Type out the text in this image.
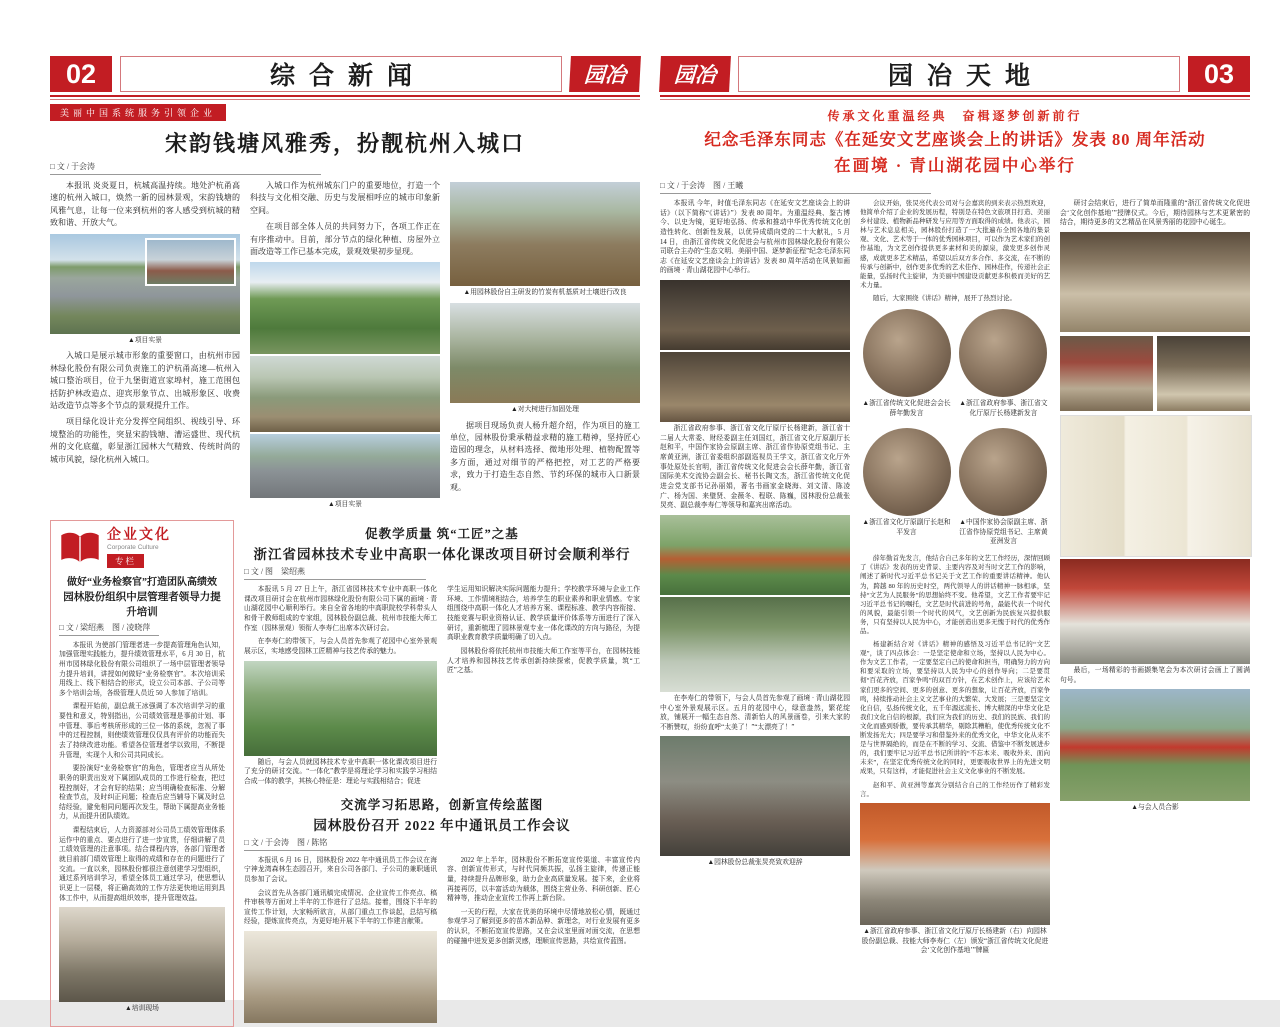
02	综合新闻	园冶
美丽中国系统服务引领企业
宋韵钱塘风雅秀，扮靓杭州入城口
□ 文 / 于会涛

本报讯 炎炎夏日，杭城高温持续。地处沪杭甬高速的杭州入城口，焕然一新的园林景观，宋韵钱塘的风雅气息，让每一位来到杭州的客人感受到杭城的精致和谐、开放大气。

▲项目实景

入城口是展示城市形象的重要窗口，由杭州市园林绿化股份有限公司负责施工的沪杭甬高速—杭州入城口整治项目，位于九堡街道宣家埠村，施工范围包括防护林改造点、迎宾形象节点、出城形象区、收费站改造节点等多个节点的景观提升工作。

项目绿化设计充分发挥空间组织、视线引导、环境整治的功能性，突显宋韵钱塘、漕运盛世、现代杭州的文化底蕴，彰显浙江园林大气精致、传统时尚的城市风貌，绿化杭州入城口。

入城口作为杭州城东门户的重要地位，打造一个科技与文化相交融、历史与发展相呼应的城市印象新空间。

在项目部全体人员的共同努力下，各项工作正在有序推动中。目前，部分节点的绿化种植、房屋外立面改造等工作已基本完成，景观效果初步显现。

▲项目实景
▲用园林股份自主研发的竹炭有机基质对土壤进行改良
▲对大树进行加固处理

据项目现场负责人杨升超介绍，作为项目的施工单位，园林股份秉承精益求精的施工精神，坚持匠心造园的理念，从材料选择、微地形处理、植物配置等多方面，通过对细节的严格把控，对工艺的严格要求，致力于打造生态自然、节约环保的城市入口新景观。

企业文化
Corporate Culture
专栏
做好“业务检察官”打造团队高绩效
园林股份组织中层管理者领导力提升培训
□ 文 / 梁绍燕　图 / 凌晓萍

本报讯 为使部门管理者进一步提高管理角色认知，加强管理实践能力，提升绩效管理水平，6 月 30 日，杭州市园林绿化股份有限公司组织了一场中层管理者领导力提升培训，讲授如何做好“业务检察官”。本次培训采用线上、线下相结合的形式，设立公司本部、子公司等多个培训会场，各级管理人员近 50 人参加了培训。

课程开始前，副总裁王冰强调了本次培训学习的重要性和意义，特别指出，公司绩效管理是事前计划、事中管理、事后考核所形成的三位一体的系统，忽视了事中的过程控制，则使绩效管理仅仅具有评价的功能而失去了持续改进功能。希望各位管理者学以致用，不断提升管理，实现个人和公司共同成长。

要扮演好“业务检察官”的角色，管理者应当从所处职务的职责出发对下属团队成员的工作进行检查，把过程控制好，才会有好的结果；应当明确检查标准、分解检查节点，及时纠正问题；检查后应当辅导下属及时总结经验，避免相同问题再次发生，帮助下属提高业务能力，从而提升团队绩效。

课程结束后，人力资源部对公司员工绩效管理体系运作中的重点、要点进行了进一步宣贯，仔细讲解了员工绩效管理的注意事项。结合课程内容，各部门管理者就目前部门绩效管理上取得的成绩和存在的问题进行了交流。一直以来，园林股份都很注意创建学习型组织，通过系列培训学习，希望全体员工通过学习，使思想认识更上一层楼，将正确高效的工作方法更快地运用到具体工作中，从而提高组织效率，提升管理效益。

▲培训现场
促教学质量 筑“工匠”之基
浙江省园林技术专业中高职一体化课改项目研讨会顺利举行
□ 文 / 图　梁绍燕

本报讯 5 月 27 日上午，浙江省园林技术专业中高职一体化课改项目研讨会在杭州市园林绿化股份有限公司下属的画境 · 青山湖花园中心顺利举行。来自全省各地的中高职院校学科带头人和骨干教师组成的专家组，园林股份副总裁、杭州市技能大师工作室（园林景观）领衔人李寿仁出席本次研讨会。

在李寿仁的带领下，与会人员首先参观了花园中心室外景观展示区，实地感受园林工匠精神与技艺传承的魅力。

随后，与会人员就园林技术专业中高职一体化课改项目进行了充分的研讨交流。“一体化”教学是将理论学习和实践学习相结合成一体的教学，其核心特征是：理论与实践相结合；促进

学生运用知识解决实际问题能力提升；学校教学环境与企业工作环境、工作情境相结合，培养学生的职业素养和职业情感。专家组围绕中高职一体化人才培养方案、课程标准、教学内容衔接、技能竞赛与职业资格认证、教学质量评价体系等方面进行了深入研讨，重新梳理了园林景观专业一体化课改的方向与路径，为提高职业教育教学质量明确了切入点。

园林股份将依托杭州市技能大师工作室等平台，在园林技能人才培养和园林技艺传承创新持续探索，促教学质量，筑“工匠”之基。

交流学习拓思路，创新宣传绘蓝图
园林股份召开 2022 年中通讯员工作会议
□ 文 / 于会涛　图 / 陈铭

本报讯 6 月 16 日，园林股份 2022 年中通讯员工作会议在海宁神龙湾森林生态园召开，来自公司各部门、子公司的兼职通讯员参加了会议。

会议首先从各部门通讯稿完成情况、企业宣传工作亮点、稿件审核等方面对上半年的工作进行了总结。接着，围绕下半年的宣传工作计划，大家畅所欲言，从部门重点工作谈起，总结写稿经验，提炼宣传亮点，为更好地开展下半年的工作建言献策。

2022 年上半年，园林股份不断拓宽宣传渠道、丰富宣传内容、创新宣传形式，与时代同频共振，弘扬主旋律，传递正能量，持续提升品牌形象，助力企业高质量发展。接下来，企业将再接再厉，以丰富活动为载体，围绕主营业务、科研创新、匠心精神等，推动企业宣传工作再上新台阶。

一天的行程，大家在优美的环境中尽情地放松心情，既通过参观学习了解到更多的苗木新品种、新理念，对行业发展有更多的认识，不断拓宽宣传思路，又在会议室里面对面交流，在思想的碰撞中迸发更多创新灵感，理顺宣传思路，共绘宣传蓝图。

园冶	园冶天地	03
传承文化重温经典　奋楫逐梦创新前行
纪念毛泽东同志《在延安文艺座谈会上的讲话》发表 80 周年活动
在画境 · 青山湖花园中心举行
□ 文 / 于会涛　图 / 王曦

本报讯 今年，时值毛泽东同志《在延安文艺座谈会上的讲话》（以下简称“《讲话》”）发表 80 周年。为重温经典、鉴古博今、以史为镜，更好地弘扬、传承和推动中华优秀传统文化创造性转化、创新性发展，以优异成绩向党的二十大献礼，5 月 14 日，由浙江省传统文化促进会与杭州市园林绿化股份有限公司联合主办的“生态文明、美丽中国、逐梦新征程”纪念毛泽东同志《在延安文艺座谈会上的讲话》发表 80 周年活动在风景如画的画境 · 青山湖花园中心举行。

浙江省政府参事、浙江省文化厅原厅长杨建新，浙江省十二届人大常委、财经委副主任刘国红，浙江省文化厅原副厅长赵和平，中国作家协会原副主席、浙江省作协原党组书记、主席黄亚洲，浙江省委组织部副巡视员王学文，浙江省文化厅外事处原处长官明，浙江省传统文化促进会会长薛年勤，浙江省国际美术交流协会副会长、秘书长陶文杰，浙江省传统文化促进会党支部书记孙丽娟，著名书画家金晓海、刘文清、陈凌广、杨为国、来璧贤、金薇冬、程联、陈巍，园林股份总裁张炅亮、副总裁李寿仁等领导和嘉宾出席活动。

在李寿仁的带领下，与会人员首先参观了画境 · 青山湖花园中心室外景观展示区。五月的花园中心，绿意盎然，繁花绽放，铺展开一幅生态自然、清新怡人的风景画卷，引来大家的不断赞叹，纷纷直呼“太美了！”“太漂亮了！”

▲园林股份总裁张炅亮致欢迎辞

会议开始，张炅亮代表公司对与会嘉宾的到来表示热烈欢迎，他简单介绍了企业的发展历程，特别是在特色文旅项目打造、美丽乡村建设、植物新品种研发与应用等方面取得的成绩。他表示，园林与艺术息息相关，园林股份打造了一大批遍布全国各地的集景观、文化、艺术等于一体的优秀园林项目，可以作为艺术家们的创作基地，为文艺创作提供更多素材和美的源泉，激发更多创作灵感，成就更多艺术精品，希望以后双方多合作、多交流，在不断的传承与创新中，创作更多优秀的艺术佳作、园林佳作，传递社会正能量，弘扬时代主旋律，为美丽中国建设贡献更多积极而美好的艺术力量。

随后，大家围绕《讲话》精神，展开了热烈讨论。

▲浙江省传统文化促进会会长薛年勤发言
▲浙江省政府参事、浙江省文化厅原厅长杨建新发言
▲浙江省文化厅原副厅长赵和平发言
▲中国作家协会原副主席、浙江省作协原党组书记、主席黄亚洲发言

薛年勤首先发言，他结合自己多年的文艺工作经历，深情回顾了《讲话》发表的历史背景、主要内容及对当时文艺工作的影响，阐述了新时代习近平总书记关于文艺工作的重要讲话精神。他认为，跨越 80 年的历史时空，两代领导人的讲话精神一脉相承，坚持“文艺为人民服务”的思想始终不变。他希望，文艺工作者要牢记习近平总书记的嘱托，文艺是时代前进的号角，最能代表一个时代的风貌，最能引领一个时代的风气，文艺创新为民族复兴提供服务，只有坚持以人民为中心，才能创造出更多无愧于时代的优秀作品。

杨建新结合对《讲话》精神的感悟及习近平总书记的“文艺观”，谈了四点体会：一是坚定使命和立场，坚持以人民为中心。作为文艺工作者，一定要坚定自己的使命和担当，明确努力的方向和要采取的立场，要坚持以人民为中心的创作导向；二是要贯彻“百花齐放，百家争鸣”的双百方针，在艺术创作上，应该给艺术家们更多的空间、更多的创意、更多的想象，让百花齐放，百家争鸣，持续推动社会主义文艺事业的大繁荣、大发展；三是要坚定文化自信，弘扬传统文化，五千年源远流长、博大精深的中华文化是我们文化自信的根源，我们应为我们的历史、我们的民族、我们的文化而感到骄傲，要传承其精华，剔除其糟粕，使优秀传统文化不断发扬光大；四是要学习和借鉴外来的优秀文化，中华文化从来不是与世界隔绝的，而是在不断的学习、交流、借鉴中不断发展进步的，我们要牢记习近平总书记所讲的“不忘本来、吸收外来、面向未来”，在坚定优秀传统文化的同时，更要吸收世界上的先进文明成果，只有这样，才能促进社会主义文化事业的不断发展。

赵和平、黄亚洲等嘉宾分别结合自己的工作经历作了精彩发言。

▲浙江省政府参事、浙江省文化厅原厅长杨建新（右）向园林股份副总裁、技能大师李寿仁（左）颁发“浙江省传统文化促进会‘文化创作基地’”牌匾

研讨会结束后，进行了简单而隆重的“浙江省传统文化促进会‘文化创作基地’”授牌仪式。今后，期待园林与艺术更紧密的结合，期待更多的文艺精品在风景秀丽的花园中心诞生。

最后，一场精彩的书画撷集笔会为本次研讨会画上了圆满句号。

▲与会人员合影
